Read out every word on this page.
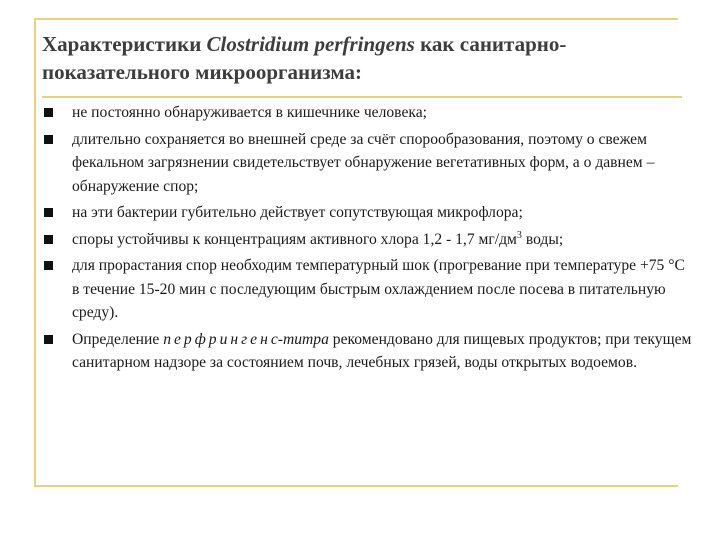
Характеристики Clostridium perfringens как санитарно-показательного микроорганизма:
не постоянно обнаруживается в кишечнике человека;
длительно сохраняется во внешней среде за счёт спорообразования, поэтому о свежем фекальном загрязнении свидетельствует обнаружение вегетативных форм, а о давнем – обнаружение спор;
на эти бактерии губительно действует сопутствующая микрофлора;
споры устойчивы к концентрациям активного хлора 1,2 - 1,7 $мг/дм^3$ воды;
для прорастания спор необходим температурный шок (прогревание при температуре +75 °С в течение 15-20 мин с последующим быстрым охлаждением после посева в питательную среду).
Определение перфрингенс-титра рекомендовано для пищевых продуктов; при текущем санитарном надзоре за состоянием почв, лечебных грязей, воды открытых водоемов.
